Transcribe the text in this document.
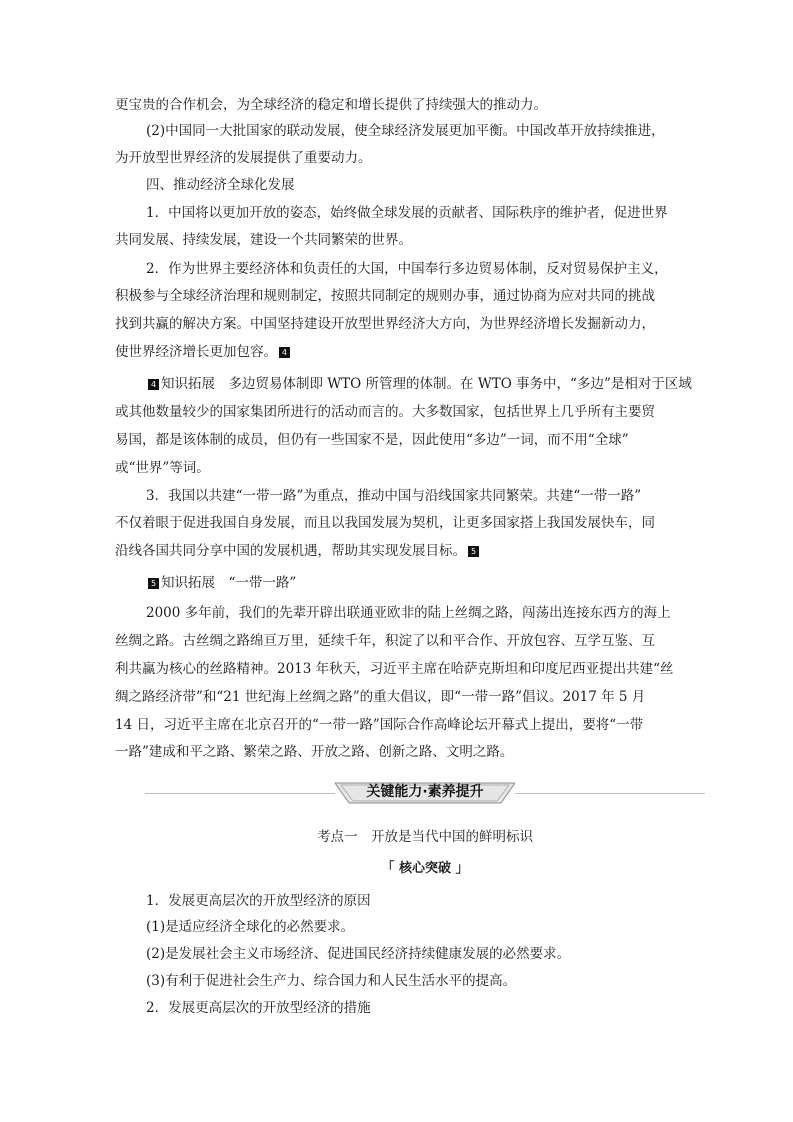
更宝贵的合作机会，为全球经济的稳定和增长提供了持续强大的推动力。
(2)中国同一大批国家的联动发展，使全球经济发展更加平衡。中国改革开放持续推进，
为开放型世界经济的发展提供了重要动力。
四、推动经济全球化发展
1．中国将以更加开放的姿态，始终做全球发展的贡献者、国际秩序的维护者，促进世界
共同发展、持续发展，建设一个共同繁荣的世界。
2．作为世界主要经济体和负责任的大国，中国奉行多边贸易体制，反对贸易保护主义，
积极参与全球经济治理和规则制定，按照共同制定的规则办事，通过协商为应对共同的挑战
找到共赢的解决方案。中国坚持建设开放型世界经济大方向，为世界经济增长发掘新动力，
使世界经济增长更加包容。 4
4 知识拓展　多边贸易体制即 WTO 所管理的体制。在 WTO 事务中，“多边”是相对于区域
或其他数量较少的国家集团所进行的活动而言的。大多数国家，包括世界上几乎所有主要贸
易国，都是该体制的成员，但仍有一些国家不是，因此使用“多边”一词，而不用“全球”
或“世界”等词。
3．我国以共建“一带一路”为重点，推动中国与沿线国家共同繁荣。共建“一带一路”
不仅着眼于促进我国自身发展，而且以我国发展为契机，让更多国家搭上我国发展快车，同
沿线各国共同分享中国的发展机遇，帮助其实现发展目标。 5
5 知识拓展　“一带一路”
2000 多年前，我们的先辈开辟出联通亚欧非的陆上丝绸之路，闯荡出连接东西方的海上
丝绸之路。古丝绸之路绵亘万里，延续千年，积淀了以和平合作、开放包容、互学互鉴、互
利共赢为核心的丝路精神。2013 年秋天，习近平主席在哈萨克斯坦和印度尼西亚提出共建“丝
绸之路经济带”和“21 世纪海上丝绸之路”的重大倡议，即“一带一路”倡议。2017 年 5 月
14 日，习近平主席在北京召开的“一带一路”国际合作高峰论坛开幕式上提出，要将“一带
一路”建成和平之路、繁荣之路、开放之路、创新之路、文明之路。
关键能力·素养提升
考点一　开放是当代中国的鲜明标识
「 核心突破 」
1．发展更高层次的开放型经济的原因
(1)是适应经济全球化的必然要求。
(2)是发展社会主义市场经济、促进国民经济持续健康发展的必然要求。
(3)有利于促进社会生产力、综合国力和人民生活水平的提高。
2．发展更高层次的开放型经济的措施
